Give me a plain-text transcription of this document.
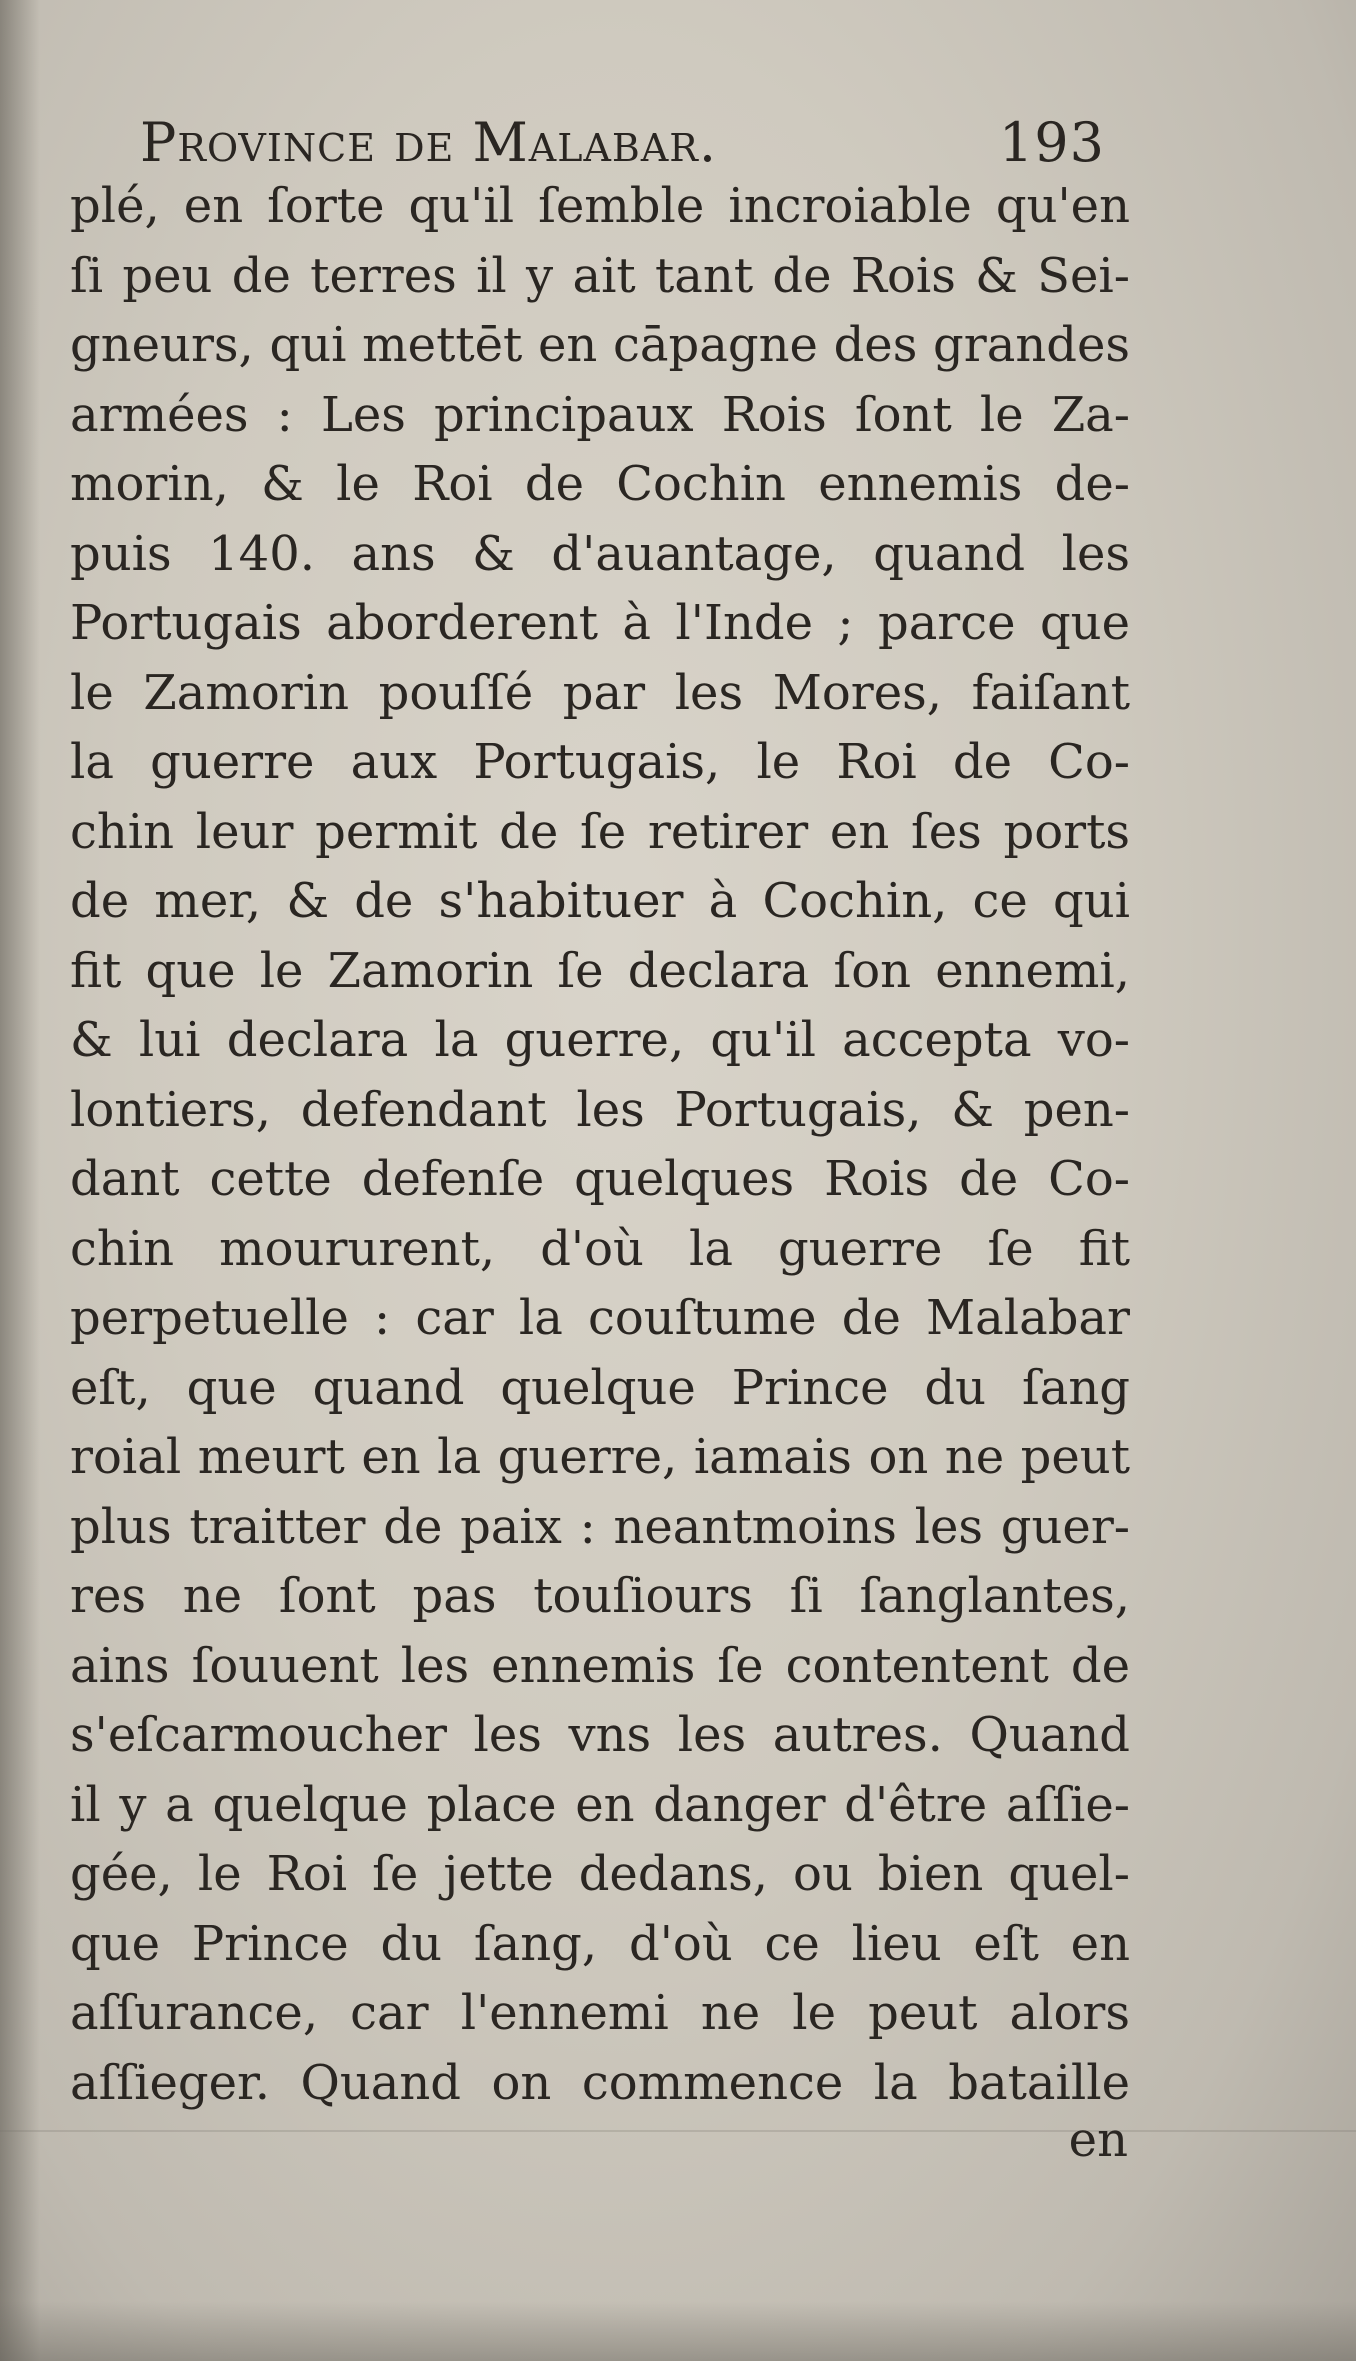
Province de Malabar.	193
plé, en ſorte qu'il ſemble incroiable qu'en
ſi peu de terres il y ait tant de Rois & Sei-
gneurs, qui mettēt en cāpagne des grandes
armées : Les principaux Rois ſont le Za-
morin, & le Roi de Cochin ennemis de-
puis 140. ans & d'auantage, quand les
Portugais aborderent à l'Inde ; parce que
le Zamorin pouſſé par les Mores, faiſant
la guerre aux Portugais, le Roi de Co-
chin leur permit de ſe retirer en ſes ports
de mer, & de s'habituer à Cochin, ce qui
fit que le Zamorin ſe declara ſon ennemi,
& lui declara la guerre, qu'il accepta vo-
lontiers, defendant les Portugais, & pen-
dant cette defenſe quelques Rois de Co-
chin moururent, d'où la guerre ſe fit
perpetuelle : car la couſtume de Malabar
eſt, que quand quelque Prince du ſang
roial meurt en la guerre, iamais on ne peut
plus traitter de paix : neantmoins les guer-
res ne ſont pas touſiours ſi ſanglantes,
ains ſouuent les ennemis ſe contentent de
s'eſcarmoucher les vns les autres. Quand
il y a quelque place en danger d'être aſſie-
gée, le Roi ſe jette dedans, ou bien quel-
que Prince du ſang, d'où ce lieu eſt en
aſſurance, car l'ennemi ne le peut alors
aſſieger. Quand on commence la bataille
en
